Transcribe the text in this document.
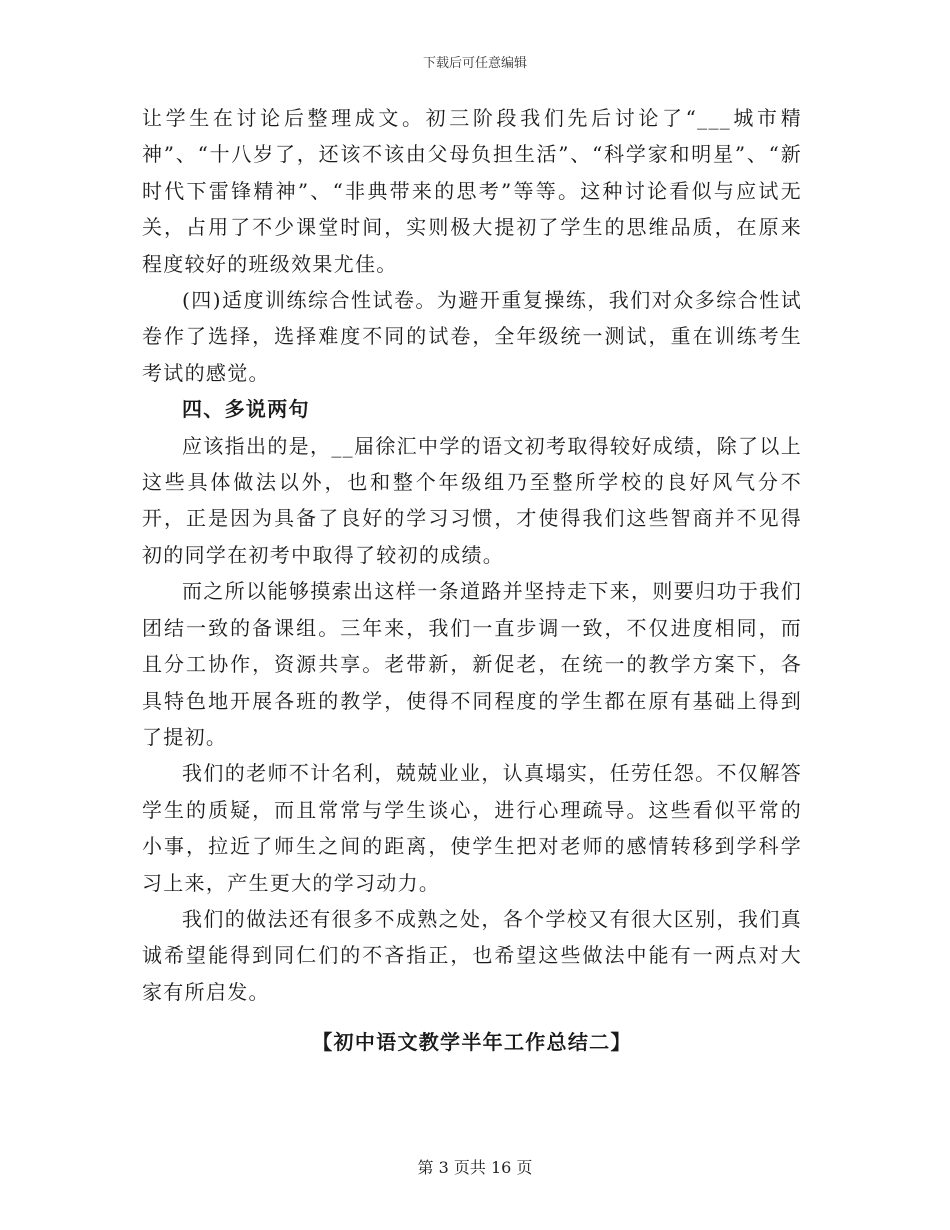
下载后可任意编辑

让学生在讨论后整理成文。初三阶段我们先后讨论了“___城市精神”、“十八岁了，还该不该由父母负担生活”、“科学家和明星”、“新时代下雷锋精神”、“非典带来的思考”等等。这种讨论看似与应试无关，占用了不少课堂时间，实则极大提初了学生的思维品质，在原来程度较好的班级效果尤佳。

(四)适度训练综合性试卷。为避开重复操练，我们对众多综合性试卷作了选择，选择难度不同的试卷，全年级统一测试，重在训练考生考试的感觉。

四、多说两句

应该指出的是，__届徐汇中学的语文初考取得较好成绩，除了以上这些具体做法以外，也和整个年级组乃至整所学校的良好风气分不开，正是因为具备了良好的学习习惯，才使得我们这些智商并不见得初的同学在初考中取得了较初的成绩。

而之所以能够摸索出这样一条道路并坚持走下来，则要归功于我们团结一致的备课组。三年来，我们一直步调一致，不仅进度相同，而且分工协作，资源共享。老带新，新促老，在统一的教学方案下，各具特色地开展各班的教学，使得不同程度的学生都在原有基础上得到了提初。

我们的老师不计名利，兢兢业业，认真塌实，任劳任怨。不仅解答学生的质疑，而且常常与学生谈心，进行心理疏导。这些看似平常的小事，拉近了师生之间的距离，使学生把对老师的感情转移到学科学习上来，产生更大的学习动力。

我们的做法还有很多不成熟之处，各个学校又有很大区别，我们真诚希望能得到同仁们的不吝指正，也希望这些做法中能有一两点对大家有所启发。

【初中语文教学半年工作总结二】
第 3 页共 16 页
